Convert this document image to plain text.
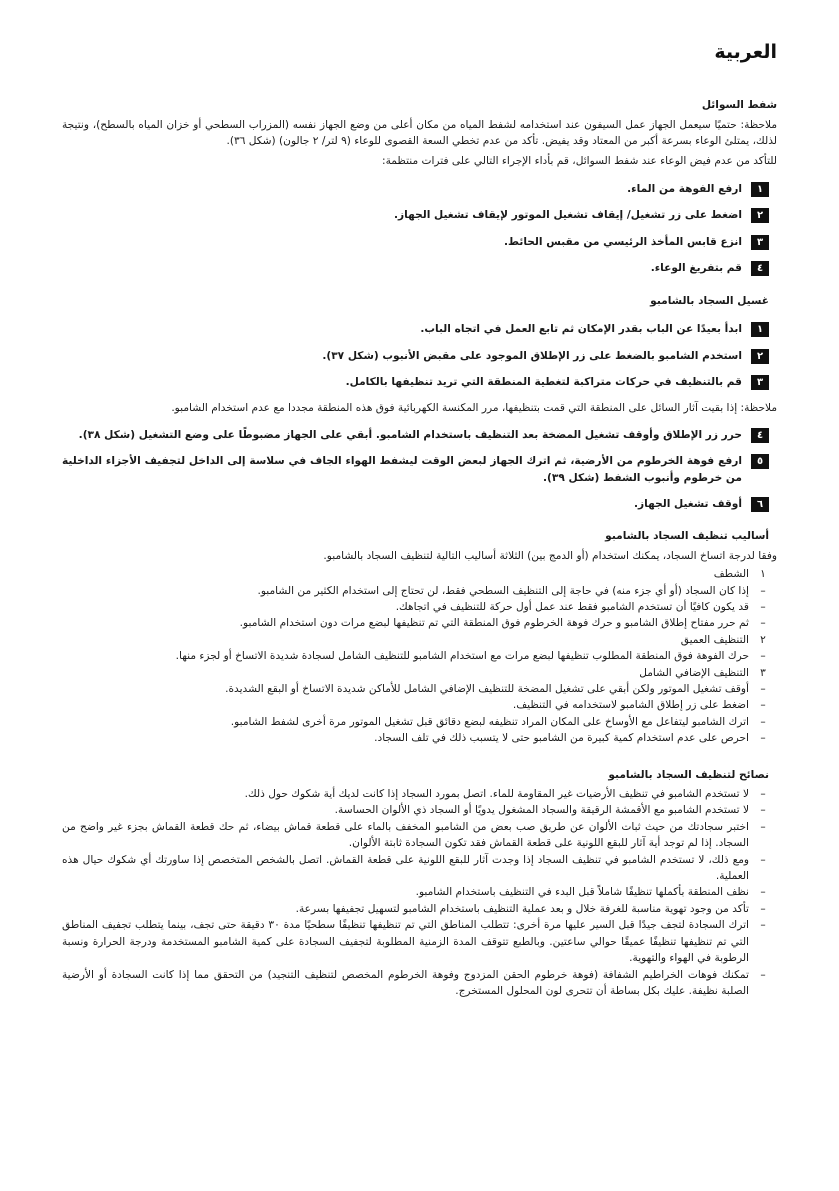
العربية
شفط السوائل

ملاحظة: حتميًا سيعمل الجهاز عمل السيفون عند استخدامه لشفط المياه من مكان أعلى من وضع الجهاز نفسه (المزراب السطحي أو خزان المياه بالسطح)، ونتيجة لذلك، يمتلئ الوعاء بسرعة أكبر من المعتاد وقد يفيض. تأكد من عدم تخطي السعة القصوى للوعاء (٩ لتر/ ٢ جالون) (شكل ٣٦).

للتأكد من عدم فيض الوعاء عند شفط السوائل، قم بأداء الإجراء التالي على فترات منتظمة:

١
ارفع الفوهة من الماء.
٢
اضغط على زر تشغيل/ إيقاف تشغيل الموتور لإيقاف تشغيل الجهاز.
٣
انزع قابس المأخذ الرئيسي من مقبس الحائط.
٤
قم بتفريغ الوعاء.
غسيل السجاد بالشامبو
١
ابدأ بعيدًا عن الباب بقدر الإمكان ثم تابع العمل في اتجاه الباب.
٢
استخدم الشامبو بالضغط على زر الإطلاق الموجود على مقبض الأنبوب (شكل ٣٧).
٣
قم بالتنظيف في حركات متراكبة لتغطية المنطقة التي تريد تنظيفها بالكامل.

ملاحظة: إذا بقيت آثار السائل على المنطقة التي قمت بتنظيفها، مرر المكنسة الكهربائية فوق هذه المنطقة مجددا مع عدم استخدام الشامبو.

٤
حرر زر الإطلاق وأوقف تشغيل المضخة بعد التنظيف باستخدام الشامبو. أبقي على الجهاز مضبوطًا على وضع التشغيل (شكل ٣٨).
٥
ارفع فوهة الخرطوم من الأرضية، ثم اترك الجهاز لبعض الوقت ليشفط الهواء الجاف في سلاسة إلى الداخل لتجفيف الأجزاء الداخلية من خرطوم وأنبوب الشفط (شكل ٣٩).
٦
أوقف تشغيل الجهاز.
أساليب تنظيف السجاد بالشامبو

وفقا لدرجة اتساخ السجاد، يمكنك استخدام (أو الدمج بين) الثلاثة أساليب التالية لتنظيف السجاد بالشامبو.

١
الشطف
–
إذا كان السجاد (أو أي جزء منه) في حاجة إلى التنظيف السطحي فقط، لن تحتاج إلى استخدام الكثير من الشامبو.
–
قد يكون كافيًا أن تستخدم الشامبو فقط عند عمل أول حركة للتنظيف في اتجاهك.
–
ثم حرر مفتاح إطلاق الشامبو و حرك فوهة الخرطوم فوق المنطقة التي تم تنظيفها لبضع مرات دون استخدام الشامبو.
٢
التنظيف العميق
–
حرك الفوهة فوق المنطقة المطلوب تنظيفها لبضع مرات مع استخدام الشامبو للتنظيف الشامل لسجادة شديدة الاتساخ أو لجزء منها.
٣
التنظيف الإضافي الشامل
–
أوقف تشغيل الموتور ولكن أبقي على تشغيل المضخة للتنظيف الإضافي الشامل للأماكن شديدة الاتساخ أو البقع الشديدة.
–
اضغط على زر إطلاق الشامبو لاستخدامه في التنظيف.
–
اترك الشامبو ليتفاعل مع الأوساخ على المكان المراد تنظيفه لبضع دقائق قبل تشغيل الموتور مرة أخرى لشفط الشامبو.
–
احرص على عدم استخدام كمية كبيرة من الشامبو حتى لا يتسبب ذلك في تلف السجاد.
نصائح لتنظيف السجاد بالشامبو
–
لا تستخدم الشامبو في تنظيف الأرضيات غير المقاومة للماء. اتصل بمورد السجاد إذا كانت لديك أية شكوك حول ذلك.
–
لا تستخدم الشامبو مع الأقمشة الرقيقة والسجاد المشغول يدويًا أو السجاد ذي الألوان الحساسة.
–
اختبر سجادتك من حيث ثبات الألوان عن طريق صب بعض من الشامبو المخفف بالماء على قطعة قماش بيضاء، ثم حك قطعة القماش بجزء غير واضح من السجاد. إذا لم توجد أية آثار للبقع اللونية على قطعة القماش فقد تكون السجادة ثابتة الألوان.
–
ومع ذلك، لا تستخدم الشامبو في تنظيف السجاد إذا وجدت آثار للبقع اللونية على قطعة القماش. اتصل بالشخص المتخصص إذا ساورتك أي شكوك حيال هذه العملية.
–
نظف المنطقة بأكملها تنظيفًا شاملاً قبل البدء في التنظيف باستخدام الشامبو.
–
تأكد من وجود تهوية مناسبة للغرفة خلال و بعد عملية التنظيف باستخدام الشامبو لتسهيل تجفيفها بسرعة.
–
اترك السجادة لتجف جيدًا قبل السير عليها مرة أخرى: تتطلب المناطق التي تم تنظيفها تنظيفًا سطحيًا مدة ٣٠ دقيقة حتى تجف، بينما يتطلب تجفيف المناطق التي تم تنظيفها تنظيفًا عميقًا حوالي ساعتين. وبالطبع تتوقف المدة الزمنية المطلوبة لتجفيف السجادة على كمية الشامبو المستخدمة ودرجة الحرارة ونسبة الرطوبة في الهواء والتهوية.
–
تمكنك فوهات الخراطيم الشفافة (فوهة خرطوم الحقن المزدوج وفوهة الخرطوم المخصص لتنظيف التنجيد) من التحقق مما إذا كانت السجادة أو الأرضية الصلبة نظيفة. عليك بكل بساطة أن تتحرى لون المحلول المستخرج.
